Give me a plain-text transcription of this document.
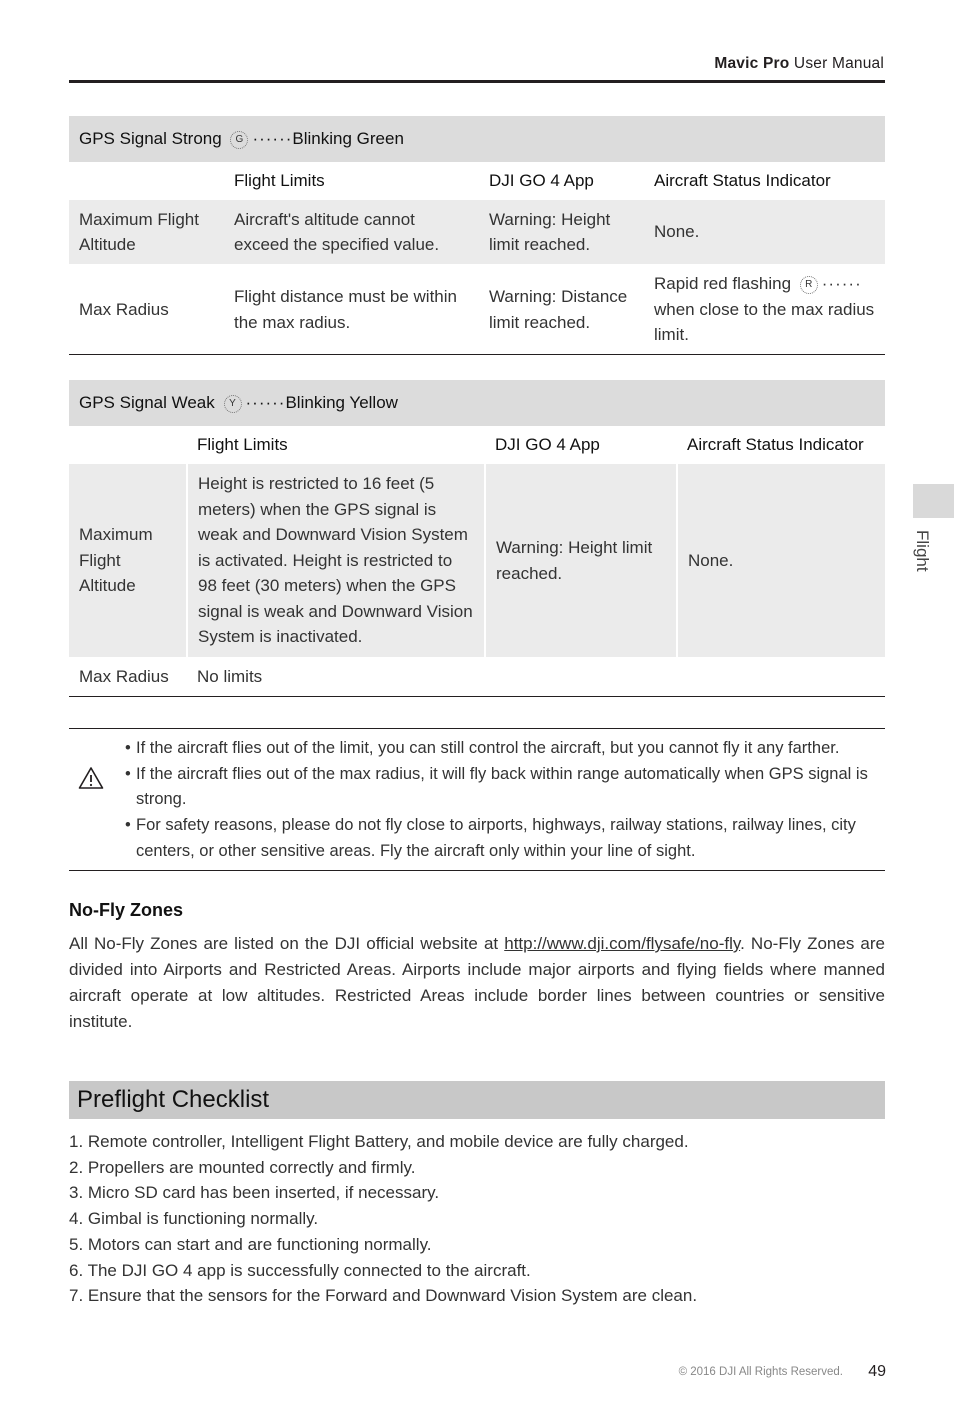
Mavic Pro User Manual
Flight
GPS Signal Strong G ······Blinking Green			
	Flight Limits	DJI GO 4 App	Aircraft Status Indicator
Maximum Flight Altitude	Aircraft's altitude cannot exceed the specified value.	Warning: Height limit reached.	None.
Max Radius	Flight distance must be within the max radius.	Warning: Distance limit reached.	Rapid red flashing R ······ when close to the max radius limit.
GPS Signal Weak Y ······Blinking Yellow			
	Flight Limits	DJI GO 4 App	Aircraft Status Indicator
Maximum Flight Altitude	Height is restricted to 16 feet (5 meters) when the GPS signal is weak and Downward Vision System is activated. Height is restricted to 98 feet (30 meters) when the GPS signal is weak and Downward Vision System is inactivated.	Warning: Height limit reached.	None.
Max Radius	No limits		
• If the aircraft flies out of the limit, you can still control the aircraft, but you cannot fly it any farther.
• If the aircraft flies out of the max radius, it will fly back within range automatically when GPS signal is strong.
• For safety reasons, please do not fly close to airports, highways, railway stations, railway lines, city centers, or other sensitive areas. Fly the aircraft only within your line of sight.
No-Fly Zones
All No-Fly Zones are listed on the DJI official website at http://www.dji.com/flysafe/no-fly. No-Fly Zones are divided into Airports and Restricted Areas. Airports include major airports and flying fields where manned aircraft operate at low altitudes. Restricted Areas include border lines between countries or sensitive institute.
Preflight Checklist
1. Remote controller, Intelligent Flight Battery, and mobile device are fully charged.
2. Propellers are mounted correctly and firmly.
3. Micro SD card has been inserted, if necessary.
4. Gimbal is functioning normally.
5. Motors can start and are functioning normally.
6. The DJI GO 4 app is successfully connected to the aircraft.
7. Ensure that the sensors for the Forward and Downward Vision System are clean.
© 2016 DJI All Rights Reserved. 49
